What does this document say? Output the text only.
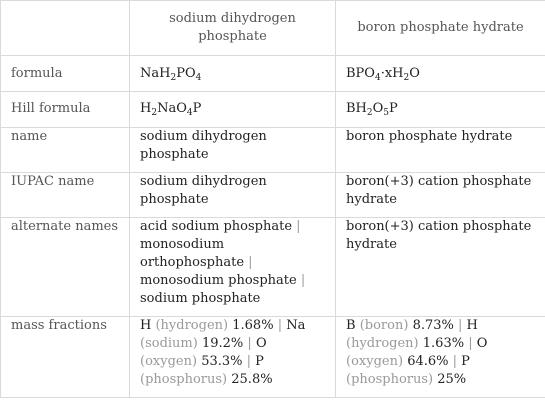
	sodium dihydrogen phosphate	boron phosphate hydrate
formula	$NaH_2PO_4$	$BPO_4\cdot xH_2O$
Hill formula	$H_2NaO_4P$	$BH_2O_5P$
name	sodium dihydrogen phosphate	boron phosphate hydrate
IUPAC name	sodium dihydrogen phosphate	boron(+3) cation phosphate hydrate
alternate names	acid sodium phosphate | monosodium orthophosphate | monosodium phosphate | sodium phosphate	boron(+3) cation phosphate hydrate
mass fractions	H (hydrogen) 1.68% | Na (sodium) 19.2% | O (oxygen) 53.3% | P (phosphorus) 25.8%	B (boron) 8.73% | H (hydrogen) 1.63% | O (oxygen) 64.6% | P (phosphorus) 25%
